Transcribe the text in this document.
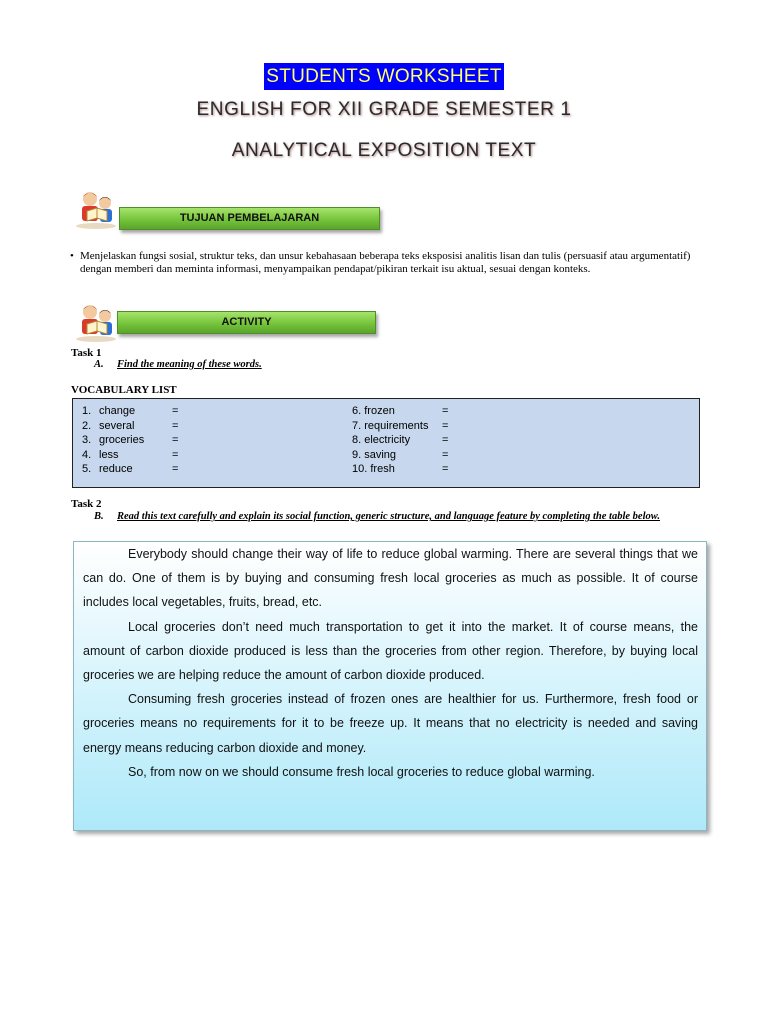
STUDENTS WORKSHEET
ENGLISH FOR XII GRADE SEMESTER 1
ANALYTICAL EXPOSITION TEXT
TUJUAN PEMBELAJARAN
• Menjelaskan fungsi sosial, struktur teks, dan unsur kebahasaan beberapa teks eksposisi analitis lisan dan tulis (persuasif atau argumentatif) dengan memberi dan meminta informasi, menyampaikan pendapat/pikiran terkait isu aktual, sesuai dengan konteks.
ACTIVITY
Task 1
A. Find the meaning of these words.
VOCABULARY LIST
1. change	=
2. several	=
3. groceries	=
4. less	=
5. reduce	=
6. frozen	=
7. requirements =
8. electricity	=
9. saving	=
10. fresh	=
Task 2
B. Read this text carefully and explain its social function, generic structure, and language feature by completing the table below.

Everybody should change their way of life to reduce global warming. There are several things that we can do. One of them is by buying and consuming fresh local groceries as much as possible. It of course includes local vegetables, fruits, bread, etc.

Local groceries don’t need much transportation to get it into the market. It of course means, the amount of carbon dioxide produced is less than the groceries from other region. Therefore, by buying local groceries we are helping reduce the amount of carbon dioxide produced.

Consuming fresh groceries instead of frozen ones are healthier for us. Furthermore, fresh food or groceries means no requirements for it to be freeze up. It means that no electricity is needed and saving energy means reducing carbon dioxide and money.

So, from now on we should consume fresh local groceries to reduce global warming.
